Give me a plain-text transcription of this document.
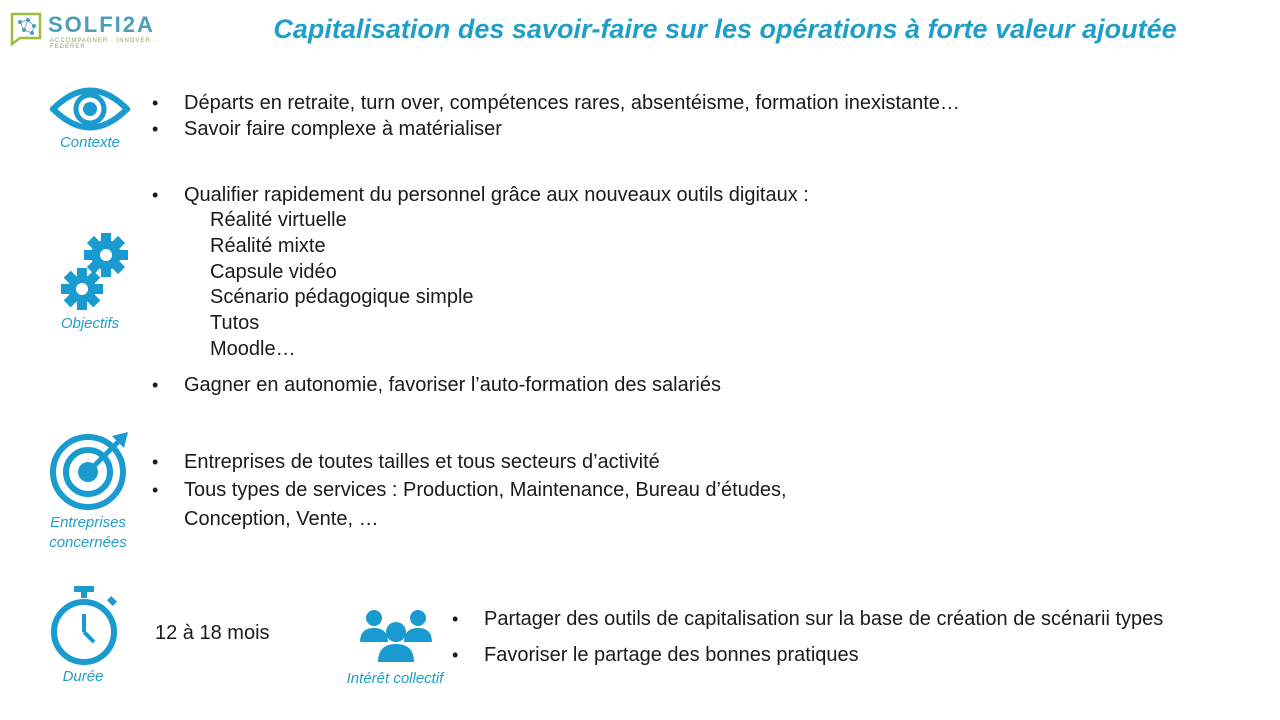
SOLFI2A
ACCOMPAGNER · INNOVER · FEDERER
Capitalisation des savoir-faire sur les opérations à forte valeur ajoutée
Contexte
• Départs en retraite, turn over, compétences rares, absentéisme, formation inexistante…
• Savoir faire complexe à matérialiser
Objectifs
• Qualifier rapidement du personnel grâce aux nouveaux outils digitaux :
Réalité virtuelle
Réalité mixte
Capsule vidéo
Scénario pédagogique simple
Tutos
Moodle…
• Gagner en autonomie, favoriser l’auto-formation des salariés
Entreprises
concernées
• Entreprises de toutes tailles et tous secteurs d’activité
• Tous types de services : Production, Maintenance, Bureau d’études, Conception, Vente, …
Durée
12 à 18 mois
Intérêt collectif
• Partager des outils de capitalisation sur la base de création de scénarii types
• Favoriser le partage des bonnes pratiques
